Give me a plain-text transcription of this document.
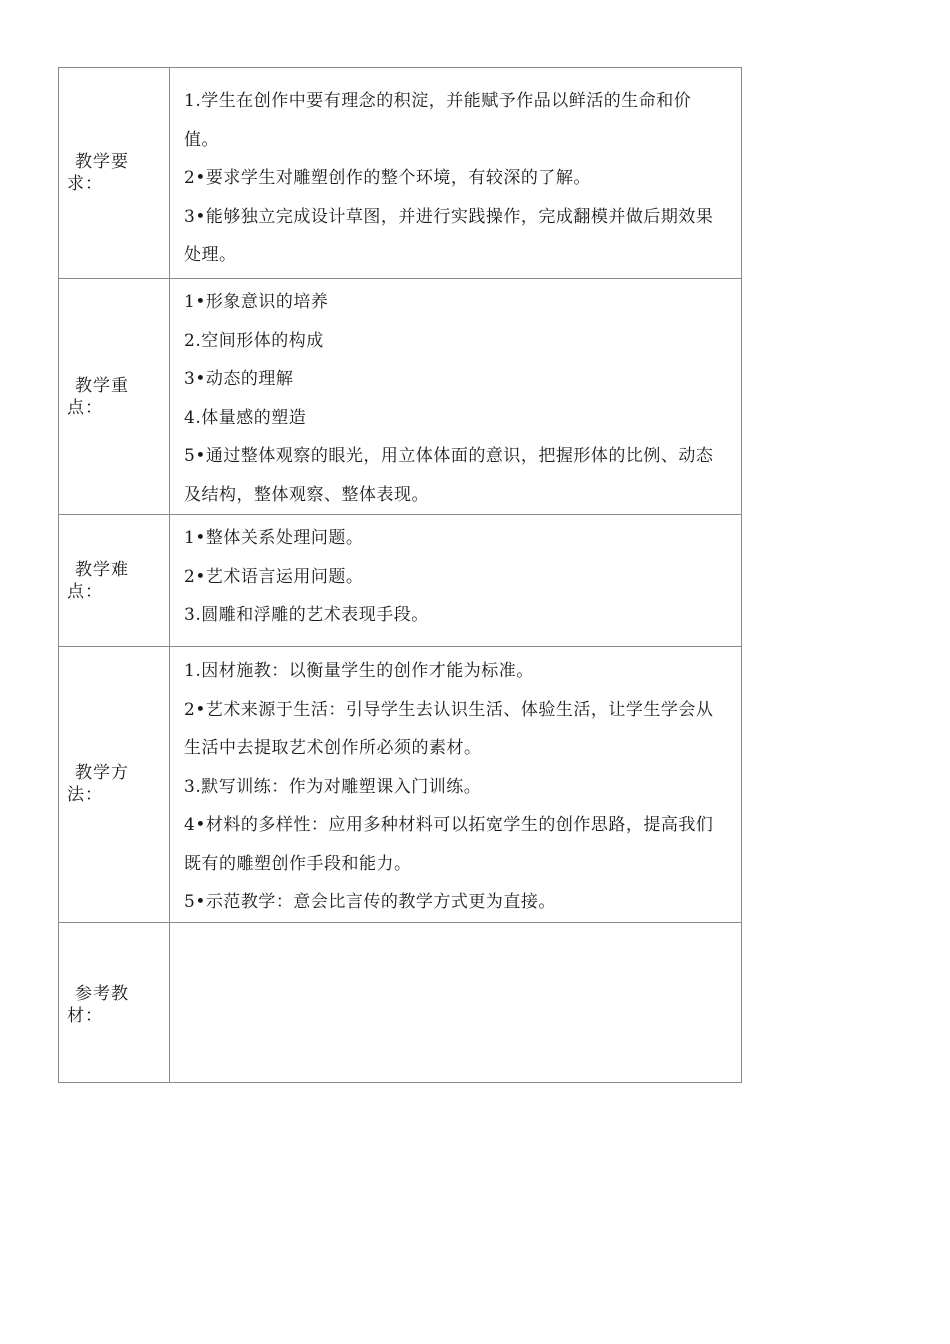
教学要求：	1.学生在创作中要有理念的积淀，并能赋予作品以鲜活的生命和价值。

2•要求学生对雕塑创作的整个环境，有较深的了解。

3•能够独立完成设计草图，并进行实践操作，完成翻模并做后期效果处理。

教学重点：	1•形象意识的培养

2.空间形体的构成

3•动态的理解

4.体量感的塑造

5•通过整体观察的眼光，用立体体面的意识，把握形体的比例、动态及结构，整体观察、整体表现。

教学难点：	1•整体关系处理问题。

2•艺术语言运用问题。

3.圆雕和浮雕的艺术表现手段。

教学方法：	1.因材施教：以衡量学生的创作才能为标准。

2•艺术来源于生活：引导学生去认识生活、体验生活，让学生学会从生活中去提取艺术创作所必须的素材。

3.默写训练：作为对雕塑课入门训练。

4•材料的多样性：应用多种材料可以拓宽学生的创作思路，提高我们既有的雕塑创作手段和能力。

5•示范教学：意会比言传的教学方式更为直接。

参考教材：	
